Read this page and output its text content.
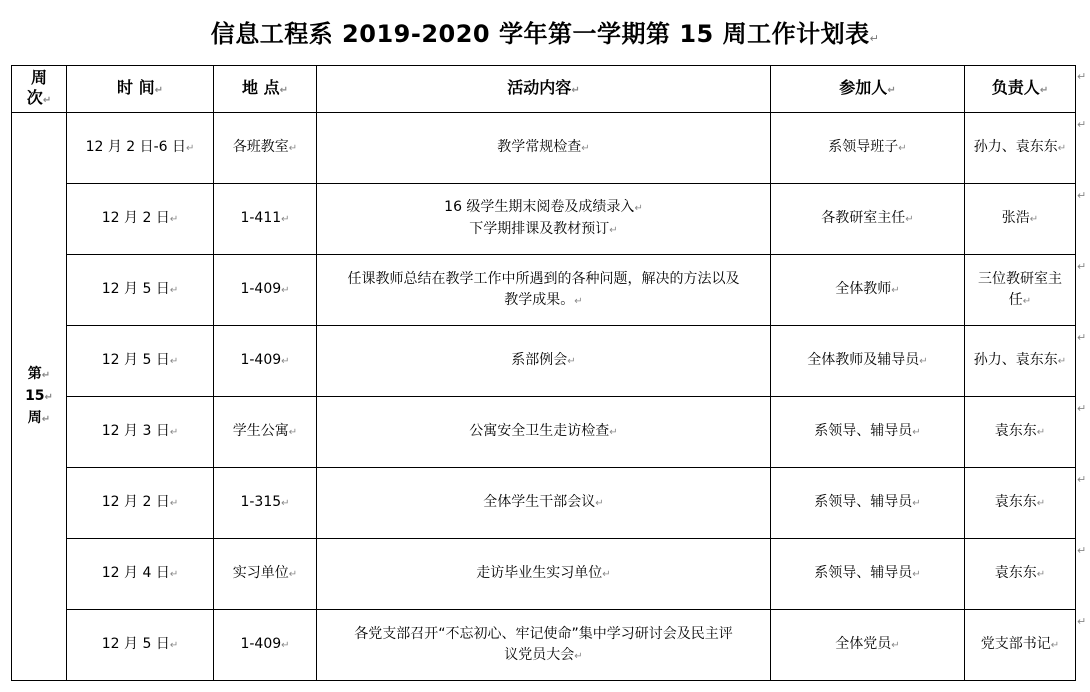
信息工程系 2019-2020 学年第一学期第 15 周工作计划表↵
周
次↵	时 间↵	地 点↵	活动内容↵	参加人↵	负责人↵
第↵
15↵
周↵	12 月 2 日-6 日↵	各班教室↵	教学常规检查↵	系领导班子↵	孙力、袁东东↵
	12 月 2 日↵	1-411↵	16 级学生期末阅卷及成绩录入↵
下学期排课及教材预订↵	各教研室主任↵	张浩↵
	12 月 5 日↵	1-409↵	任课教师总结在教学工作中所遇到的各种问题，解决的方法以及
教学成果。↵	全体教师↵	三位教研室主
任↵
	12 月 5 日↵	1-409↵	系部例会↵	全体教师及辅导员↵	孙力、袁东东↵
	12 月 3 日↵	学生公寓↵	公寓安全卫生走访检查↵	系领导、辅导员↵	袁东东↵
	12 月 2 日↵	1-315↵	全体学生干部会议↵	系领导、辅导员↵	袁东东↵
	12 月 4 日↵	实习单位↵	走访毕业生实习单位↵	系领导、辅导员↵	袁东东↵
	12 月 5 日↵	1-409↵	各党支部召开“不忘初心、牢记使命”集中学习研讨会及民主评
议党员大会↵	全体党员↵	党支部书记↵
↵
↵
↵
↵
↵
↵
↵
↵
↵
